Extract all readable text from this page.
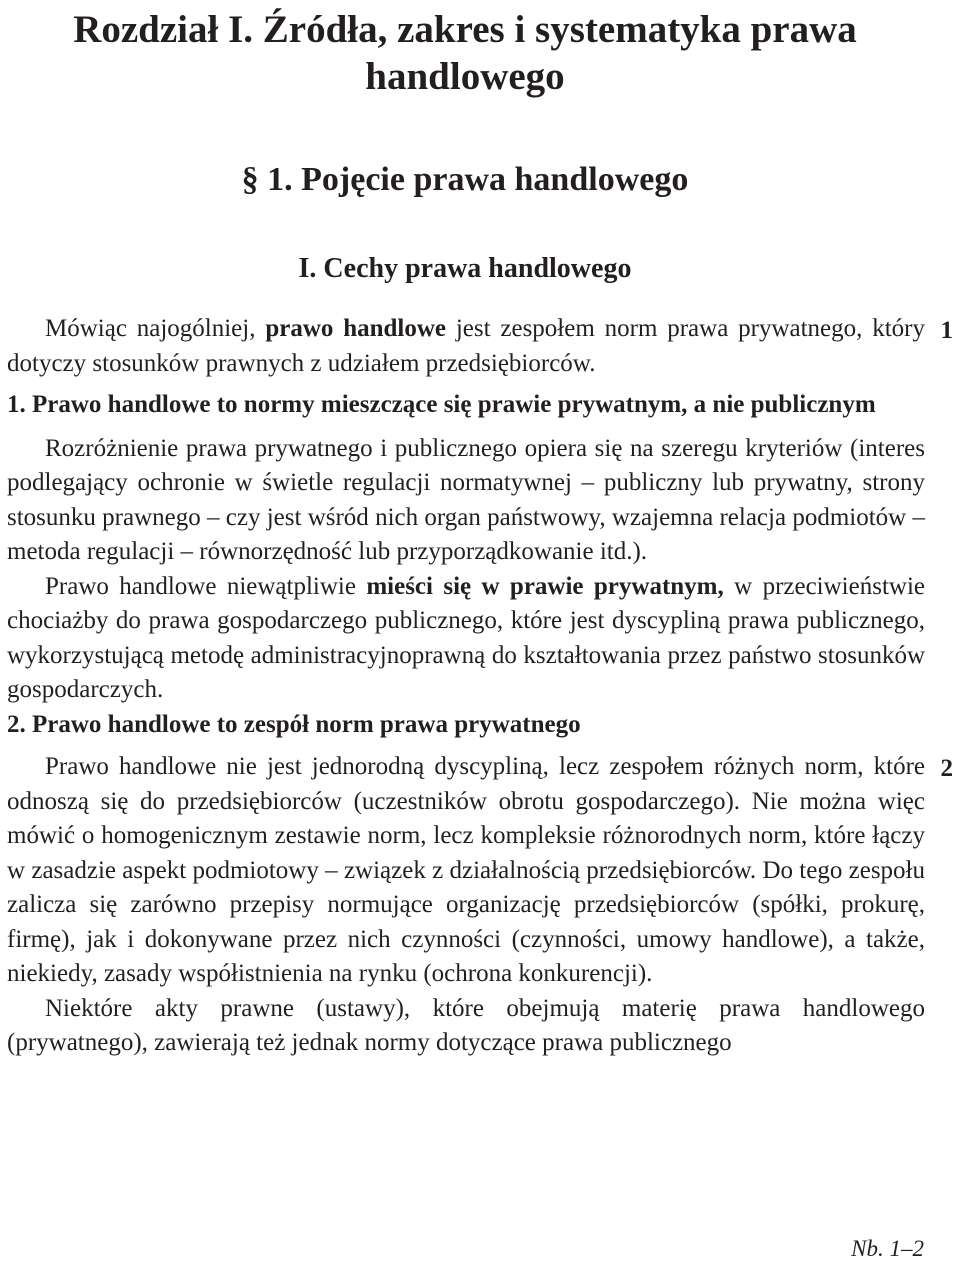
Rozdział I. Źródła, zakres i systematyka prawa
handlowego
§ 1. Pojęcie prawa handlowego
I. Cechy prawa handlowego

Mówiąc najogólniej, prawo handlowe jest zespołem norm prawa prywatnego, który dotyczy stosunków prawnych z udziałem przedsiębiorców.

1
1. Prawo handlowe to normy mieszczące się prawie prywatnym, a nie publicznym

Rozróżnienie prawa prywatnego i publicznego opiera się na szeregu kryteriów (interes podlegający ochronie w świetle regulacji normatywnej – publiczny lub prywatny, strony stosunku prawnego – czy jest wśród nich organ państwowy, wzajemna relacja podmiotów – metoda regulacji – równorzędność lub przyporządkowanie itd.).

Prawo handlowe niewątpliwie mieści się w prawie prywatnym, w przeciwieństwie chociażby do prawa gospodarczego publicznego, które jest dyscypliną prawa publicznego, wykorzystującą metodę administracyjnoprawną do kształtowania przez państwo stosunków gospodarczych.

2. Prawo handlowe to zespół norm prawa prywatnego

Prawo handlowe nie jest jednorodną dyscypliną, lecz zespołem różnych norm, które odnoszą się do przedsiębiorców (uczestników obrotu gospodarczego). Nie można więc mówić o homogenicznym zestawie norm, lecz kompleksie różnorodnych norm, które łączy w zasadzie aspekt podmiotowy – związek z działalnością przedsiębiorców. Do tego zespołu zalicza się zarówno przepisy normujące organizację przedsiębiorców (spółki, prokurę, firmę), jak i dokonywane przez nich czynności (czynności, umowy handlowe), a także, niekiedy, zasady współistnienia na rynku (ochrona konkurencji).

2

Niektóre akty prawne (ustawy), które obejmują materię prawa handlowego (prywatnego), zawierają też jednak normy dotyczące prawa publicznego

Nb. 1–2
